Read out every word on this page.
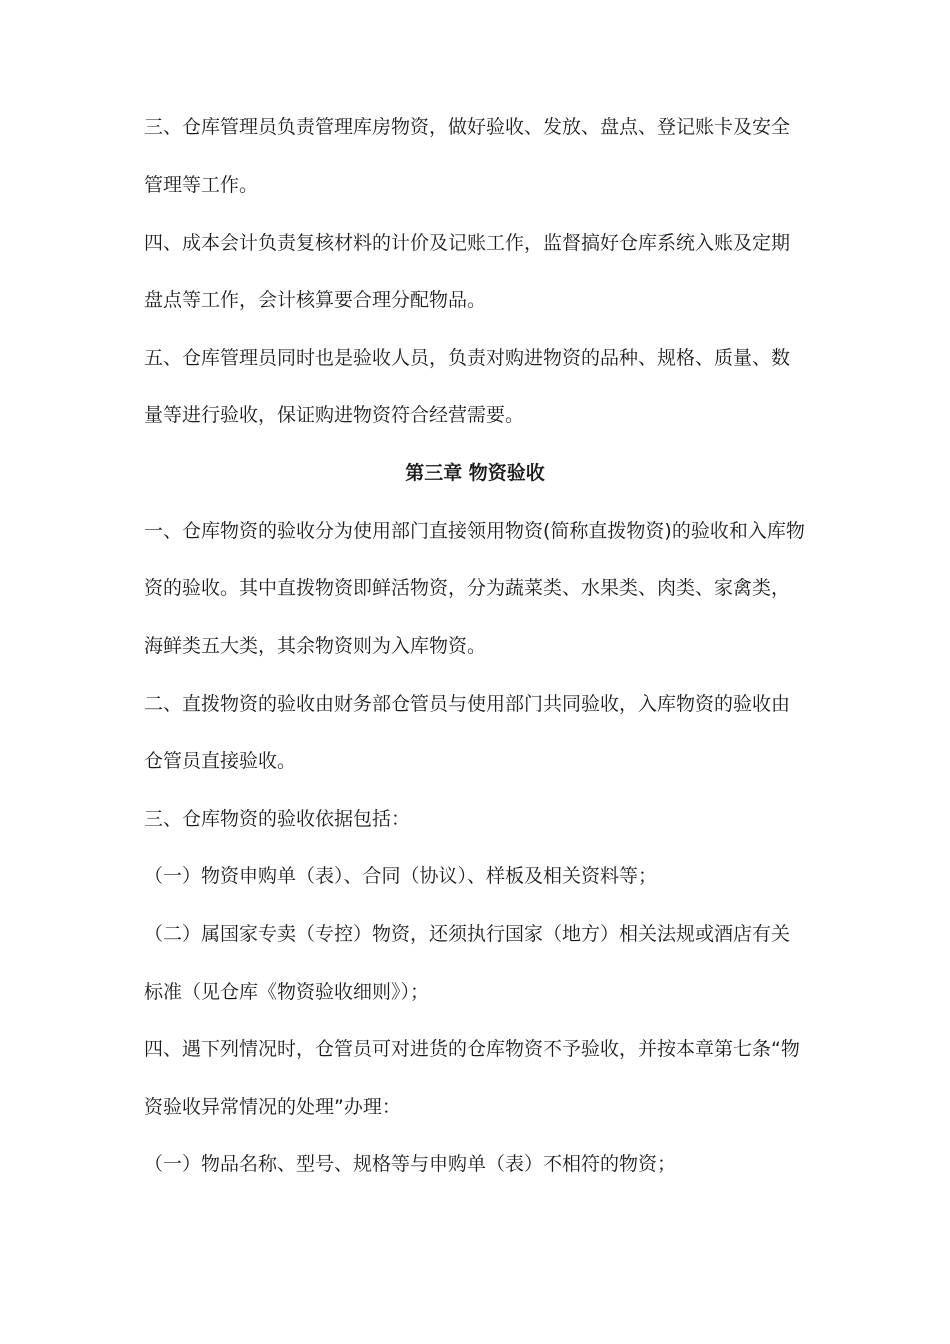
三、仓库管理员负责管理库房物资，做好验收、发放、盘点、登记账卡及安全
管理等工作。
四、成本会计负责复核材料的计价及记账工作，监督搞好仓库系统入账及定期
盘点等工作，会计核算要合理分配物品。
五、仓库管理员同时也是验收人员，负责对购进物资的品种、规格、质量、数
量等进行验收，保证购进物资符合经营需要。
第三章 物资验收
一、仓库物资的验收分为使用部门直接领用物资(简称直拨物资)的验收和入库物
资的验收。其中直拨物资即鲜活物资，分为蔬菜类、水果类、肉类、家禽类，
海鲜类五大类，其余物资则为入库物资。
二、直拨物资的验收由财务部仓管员与使用部门共同验收，入库物资的验收由
仓管员直接验收。
三、仓库物资的验收依据包括：
（一）物资申购单（表）、合同（协议）、样板及相关资料等；
（二）属国家专卖（专控）物资，还须执行国家（地方）相关法规或酒店有关
标准（见仓库《物资验收细则》）；
四、遇下列情况时，仓管员可对进货的仓库物资不予验收，并按本章第七条“物
资验收异常情况的处理”办理：
（一）物品名称、型号、规格等与申购单（表）不相符的物资；
